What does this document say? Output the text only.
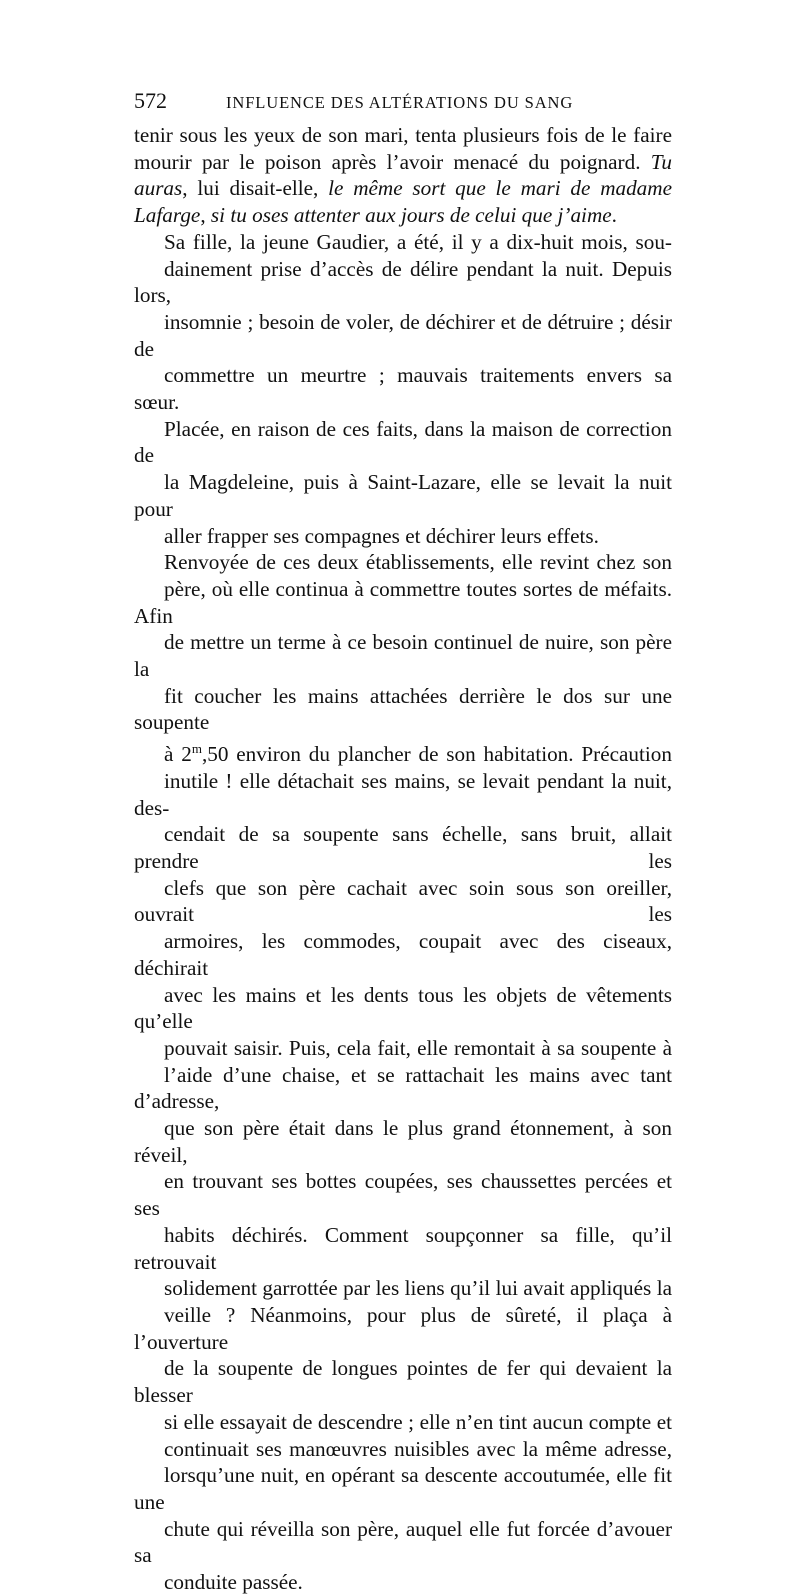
572	INFLUENCE DES ALTÉRATIONS DU SANG

tenir sous les yeux de son mari, tenta plusieurs fois de le faire
mourir par le poison après l’avoir menacé du poignard. Tu
auras, lui disait-elle, le même sort que le mari de madame
Lafarge, si tu oses attenter aux jours de celui que j’aime.

Sa fille, la jeune Gaudier, a été, il y a dix-huit mois, sou-
dainement prise d’accès de délire pendant la nuit. Depuis lors,
insomnie ; besoin de voler, de déchirer et de détruire ; désir de
commettre un meurtre ; mauvais traitements envers sa sœur.
Placée, en raison de ces faits, dans la maison de correction de
la Magdeleine, puis à Saint-Lazare, elle se levait la nuit pour
aller frapper ses compagnes et déchirer leurs effets.

Renvoyée de ces deux établissements, elle revint chez son
père, où elle continua à commettre toutes sortes de méfaits. Afin
de mettre un terme à ce besoin continuel de nuire, son père la
fit coucher les mains attachées derrière le dos sur une soupente
à 2$^m$,50 environ du plancher de son habitation. Précaution
inutile ! elle détachait ses mains, se levait pendant la nuit, des-
cendait de sa soupente sans échelle, sans bruit, allait prendre les
clefs que son père cachait avec soin sous son oreiller, ouvrait les
armoires, les commodes, coupait avec des ciseaux, déchirait
avec les mains et les dents tous les objets de vêtements qu’elle
pouvait saisir. Puis, cela fait, elle remontait à sa soupente à
l’aide d’une chaise, et se rattachait les mains avec tant d’adresse,
que son père était dans le plus grand étonnement, à son réveil,
en trouvant ses bottes coupées, ses chaussettes percées et ses
habits déchirés. Comment soupçonner sa fille, qu’il retrouvait
solidement garrottée par les liens qu’il lui avait appliqués la
veille ? Néanmoins, pour plus de sûreté, il plaça à l’ouverture
de la soupente de longues pointes de fer qui devaient la blesser
si elle essayait de descendre ; elle n’en tint aucun compte et
continuait ses manœuvres nuisibles avec la même adresse,
lorsqu’une nuit, en opérant sa descente accoutumée, elle fit une
chute qui réveilla son père, auquel elle fut forcée d’avouer sa
conduite passée.
